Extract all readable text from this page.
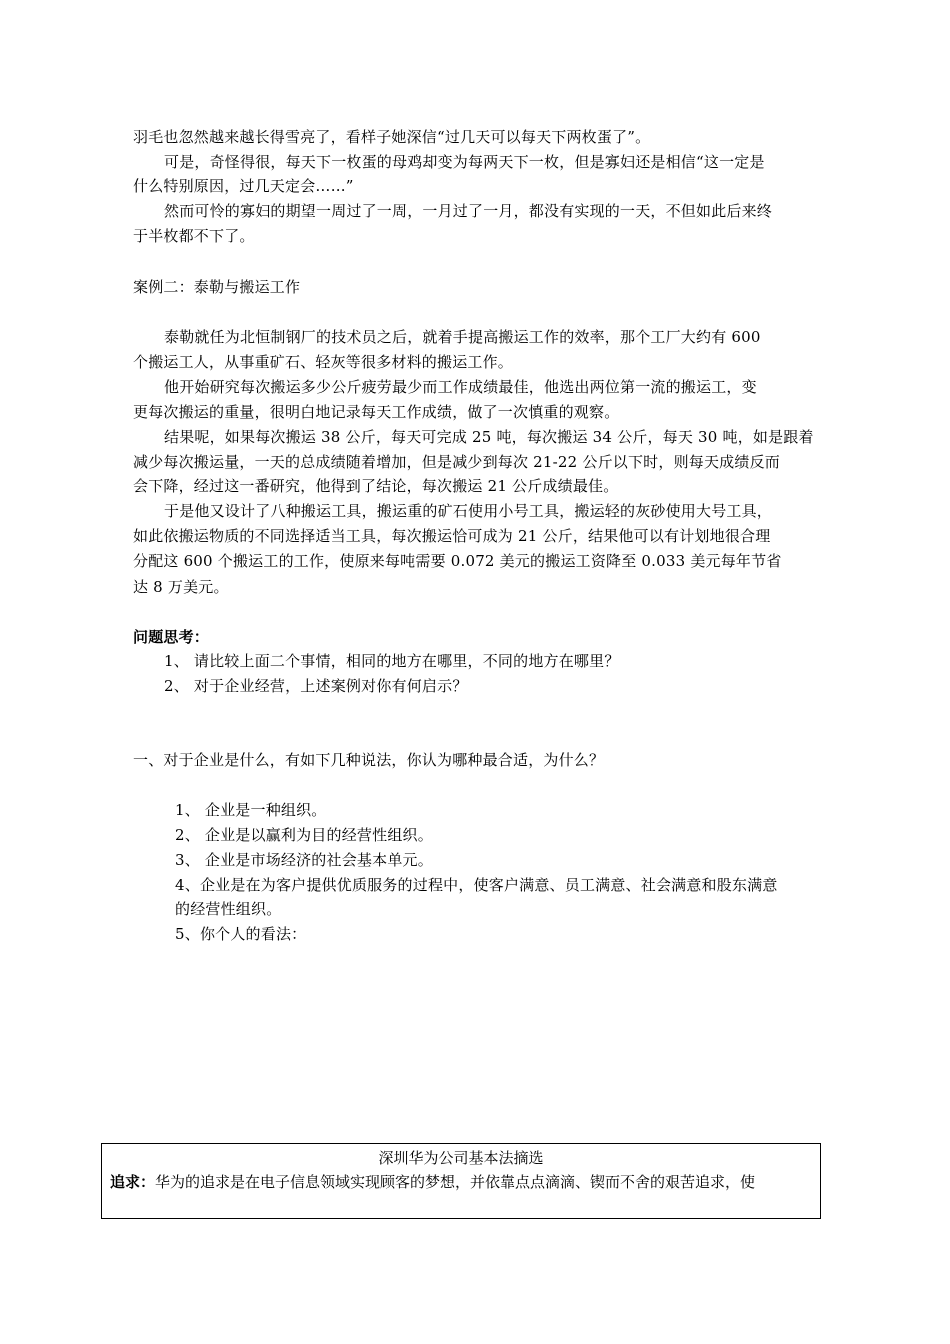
羽毛也忽然越来越长得雪亮了，看样子她深信“过几天可以每天下两枚蛋了”。
可是，奇怪得很，每天下一枚蛋的母鸡却变为每两天下一枚，但是寡妇还是相信“这一定是
什么特别原因，过几天定会……”
然而可怜的寡妇的期望一周过了一周，一月过了一月，都没有实现的一天，不但如此后来终
于半枚都不下了。
案例二：泰勒与搬运工作
泰勒就任为北恒制钢厂的技术员之后，就着手提高搬运工作的效率，那个工厂大约有 600
个搬运工人，从事重矿石、轻灰等很多材料的搬运工作。
他开始研究每次搬运多少公斤疲劳最少而工作成绩最佳，他选出两位第一流的搬运工，变
更每次搬运的重量，很明白地记录每天工作成绩，做了一次慎重的观察。
结果呢，如果每次搬运 38 公斤，每天可完成 25 吨，每次搬运 34 公斤，每天 30 吨，如是跟着
减少每次搬运量，一天的总成绩随着增加，但是减少到每次 21-22 公斤以下时，则每天成绩反而
会下降，经过这一番研究，他得到了结论，每次搬运 21 公斤成绩最佳。
于是他又设计了八种搬运工具，搬运重的矿石使用小号工具，搬运轻的灰砂使用大号工具，
如此依搬运物质的不同选择适当工具，每次搬运恰可成为 21 公斤，结果他可以有计划地很合理
分配这 600 个搬运工的工作，使原来每吨需要 0.072 美元的搬运工资降至 0.033 美元每年节省
达 8 万美元。
问题思考：
1、 请比较上面二个事情，相同的地方在哪里，不同的地方在哪里？
2、 对于企业经营，上述案例对你有何启示？
一、对于企业是什么，有如下几种说法，你认为哪种最合适，为什么？
1、 企业是一种组织。
2、 企业是以赢利为目的经营性组织。
3、 企业是市场经济的社会基本单元。
4、企业是在为客户提供优质服务的过程中，使客户满意、员工满意、社会满意和股东满意
的经营性组织。
5、你个人的看法：
深圳华为公司基本法摘选
追求：华为的追求是在电子信息领域实现顾客的梦想，并依靠点点滴滴、锲而不舍的艰苦追求，使
